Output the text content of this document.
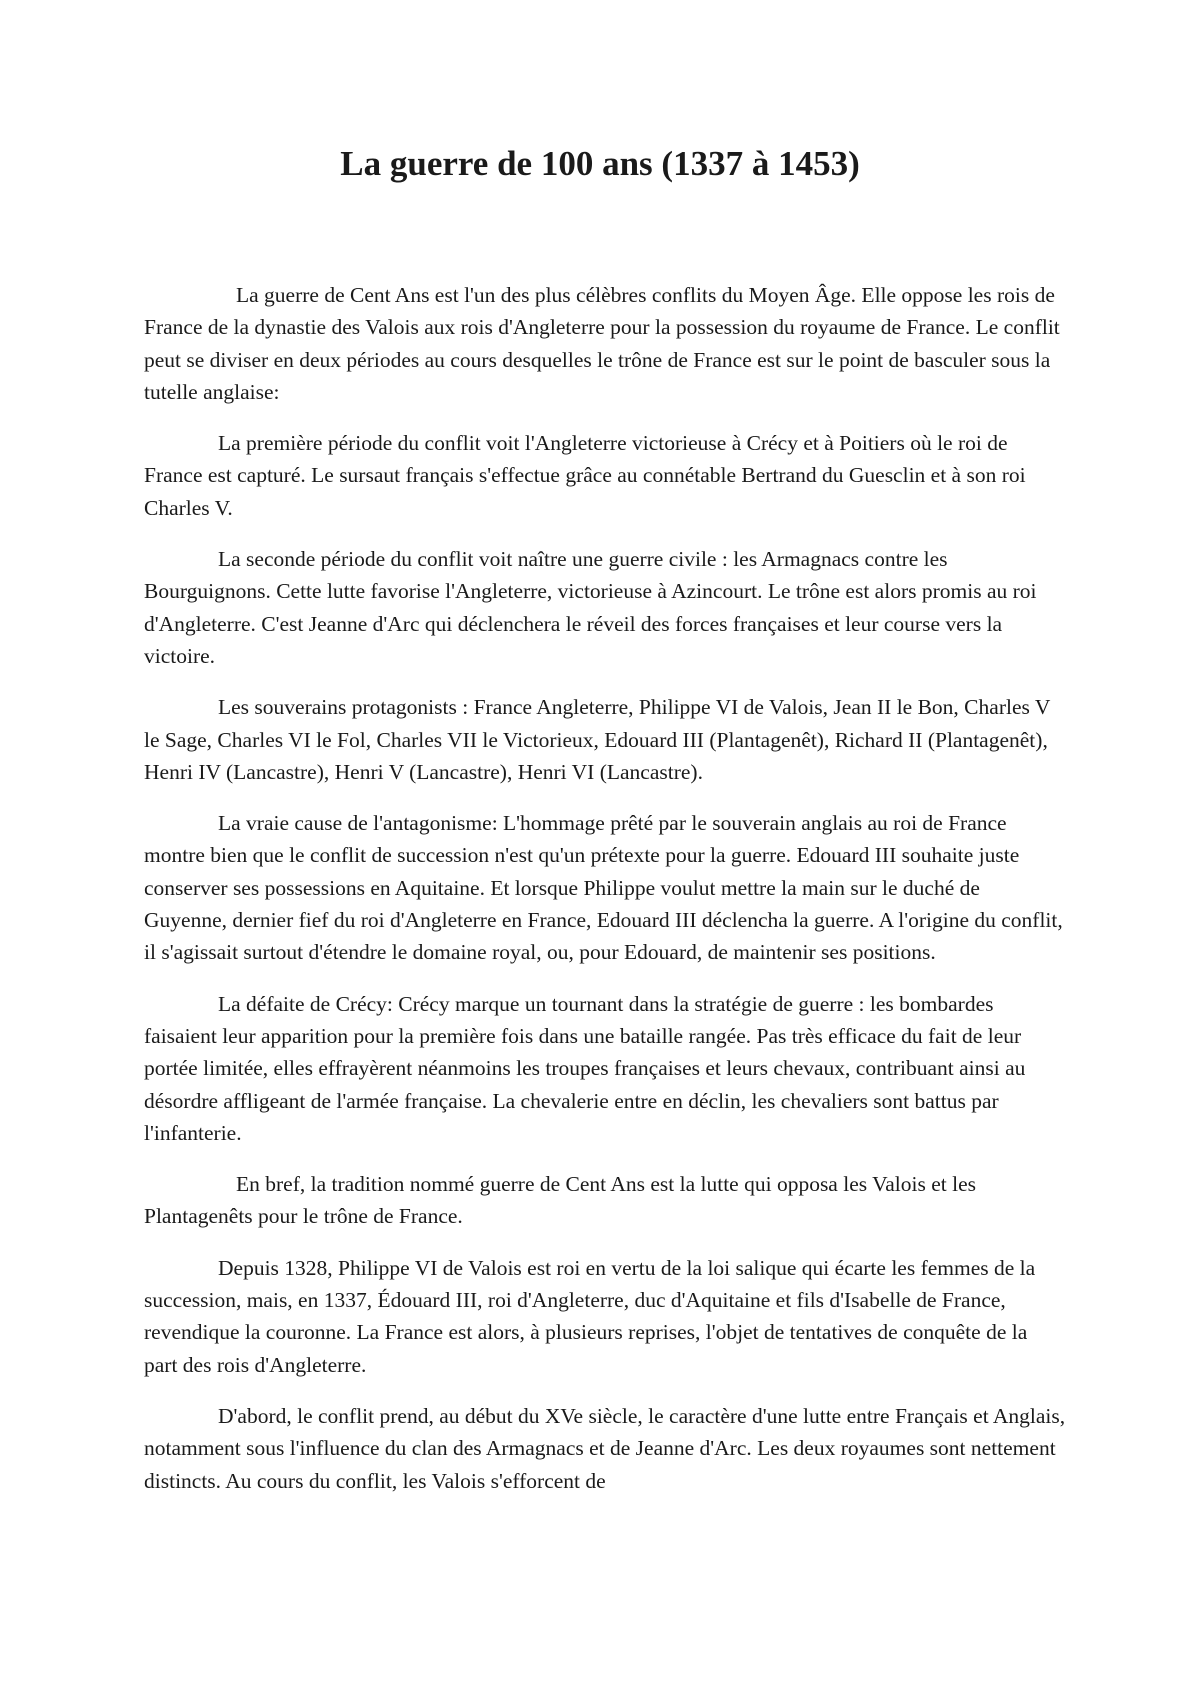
La guerre de 100 ans (1337 à 1453)

La guerre de Cent Ans est l'un des plus célèbres conflits du Moyen Âge. Elle oppose les rois de France de la dynastie des Valois aux rois d'Angleterre pour la possession du royaume de France. Le conflit peut se diviser en deux périodes au cours desquelles le trône de France est sur le point de basculer sous la tutelle anglaise:

La première période du conflit voit l'Angleterre victorieuse à Crécy et à Poitiers où le roi de France est capturé. Le sursaut français s'effectue grâce au connétable Bertrand du Guesclin et à son roi Charles V.

La seconde période du conflit voit naître une guerre civile : les Armagnacs contre les Bourguignons. Cette lutte favorise l'Angleterre, victorieuse à Azincourt. Le trône est alors promis au roi d'Angleterre. C'est Jeanne d'Arc qui déclenchera le réveil des forces françaises et leur course vers la victoire.

Les souverains protagonists : France Angleterre, Philippe VI de Valois, Jean II le Bon, Charles V le Sage, Charles VI le Fol, Charles VII le Victorieux, Edouard III (Plantagenêt), Richard II (Plantagenêt), Henri IV (Lancastre), Henri V (Lancastre), Henri VI (Lancastre).

La vraie cause de l'antagonisme: L'hommage prêté par le souverain anglais au roi de France montre bien que le conflit de succession n'est qu'un prétexte pour la guerre. Edouard III souhaite juste conserver ses possessions en Aquitaine. Et lorsque Philippe voulut mettre la main sur le duché de Guyenne, dernier fief du roi d'Angleterre en France, Edouard III déclencha la guerre. A l'origine du conflit, il s'agissait surtout d'étendre le domaine royal, ou, pour Edouard, de maintenir ses positions.

La défaite de Crécy: Crécy marque un tournant dans la stratégie de guerre : les bombardes faisaient leur apparition pour la première fois dans une bataille rangée. Pas très efficace du fait de leur portée limitée, elles effrayèrent néanmoins les troupes françaises et leurs chevaux, contribuant ainsi au désordre affligeant de l'armée française. La chevalerie entre en déclin, les chevaliers sont battus par l'infanterie.

En bref, la tradition nommé guerre de Cent Ans est la lutte qui opposa les Valois et les Plantagenêts pour le trône de France.

Depuis 1328, Philippe VI de Valois est roi en vertu de la loi salique qui écarte les femmes de la succession, mais, en 1337, Édouard III, roi d'Angleterre, duc d'Aquitaine et fils d'Isabelle de France, revendique la couronne. La France est alors, à plusieurs reprises, l'objet de tentatives de conquête de la part des rois d'Angleterre.

D'abord, le conflit prend, au début du XVe siècle, le caractère d'une lutte entre Français et Anglais, notamment sous l'influence du clan des Armagnacs et de Jeanne d'Arc. Les deux royaumes sont nettement distincts. Au cours du conflit, les Valois s'efforcent de
